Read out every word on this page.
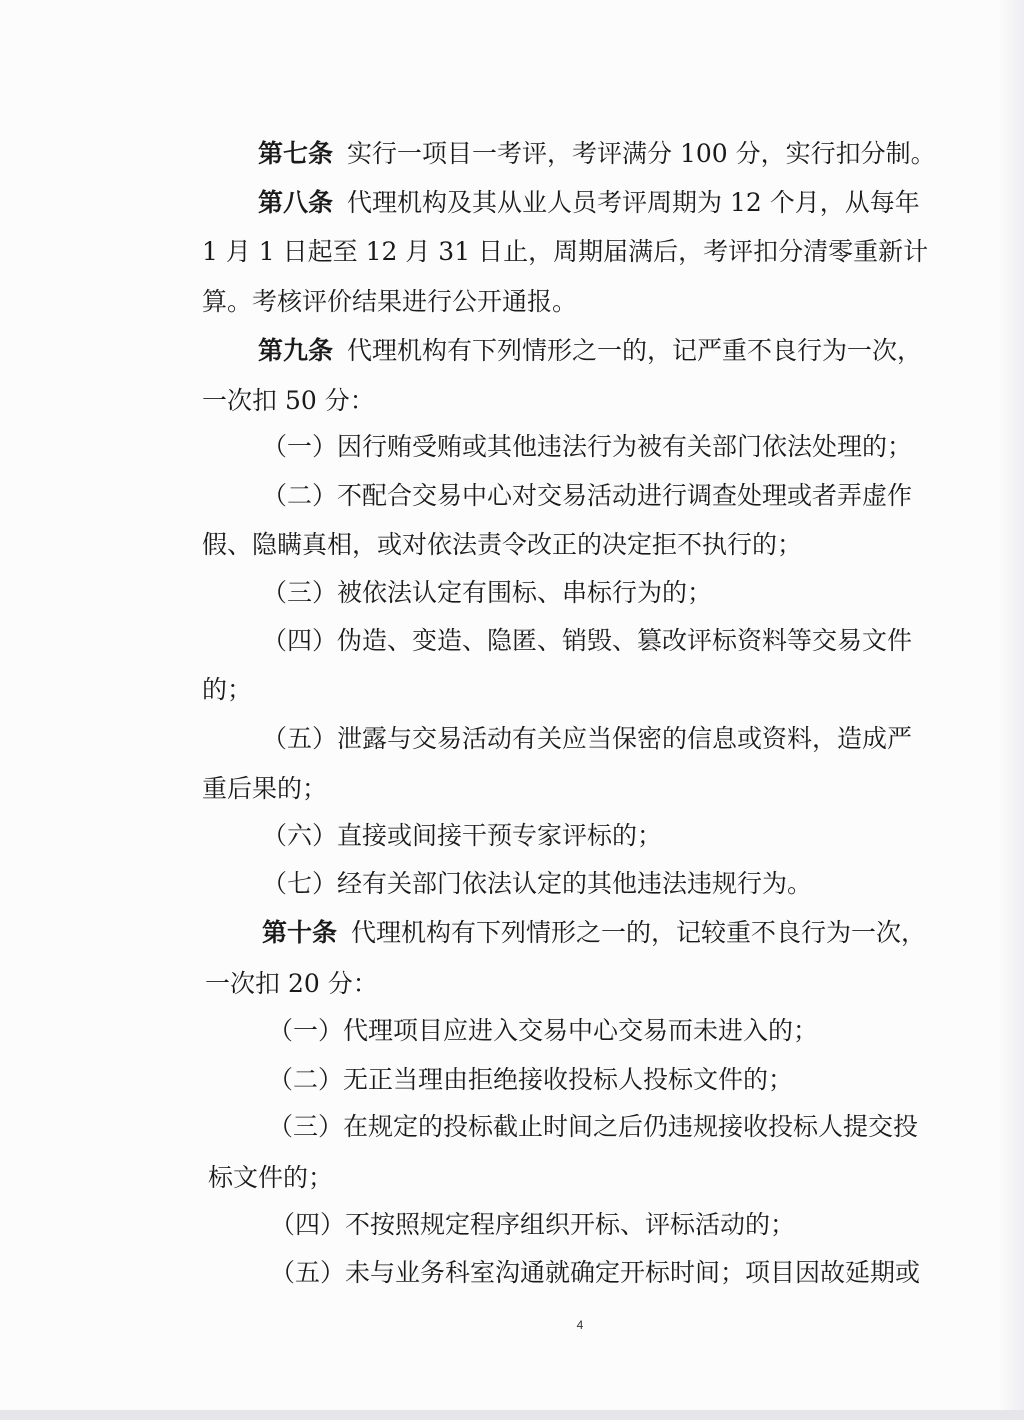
第七条 实行一项目一考评，考评满分 100 分，实行扣分制。

第八条 代理机构及其从业人员考评周期为 12 个月，从每年

1 月 1 日起至 12 月 31 日止，周期届满后，考评扣分清零重新计

算。考核评价结果进行公开通报。

第九条 代理机构有下列情形之一的，记严重不良行为一次，

一次扣 50 分：

（一）因行贿受贿或其他违法行为被有关部门依法处理的；

（二）不配合交易中心对交易活动进行调查处理或者弄虚作

假、隐瞒真相，或对依法责令改正的决定拒不执行的；

（三）被依法认定有围标、串标行为的；

（四）伪造、变造、隐匿、销毁、篡改评标资料等交易文件

的；

（五）泄露与交易活动有关应当保密的信息或资料，造成严

重后果的；

（六）直接或间接干预专家评标的；

（七）经有关部门依法认定的其他违法违规行为。

第十条 代理机构有下列情形之一的，记较重不良行为一次，

一次扣 20 分：

（一）代理项目应进入交易中心交易而未进入的；

（二）无正当理由拒绝接收投标人投标文件的；

（三）在规定的投标截止时间之后仍违规接收投标人提交投

标文件的；

（四）不按照规定程序组织开标、评标活动的；

（五）未与业务科室沟通就确定开标时间；项目因故延期或

4
